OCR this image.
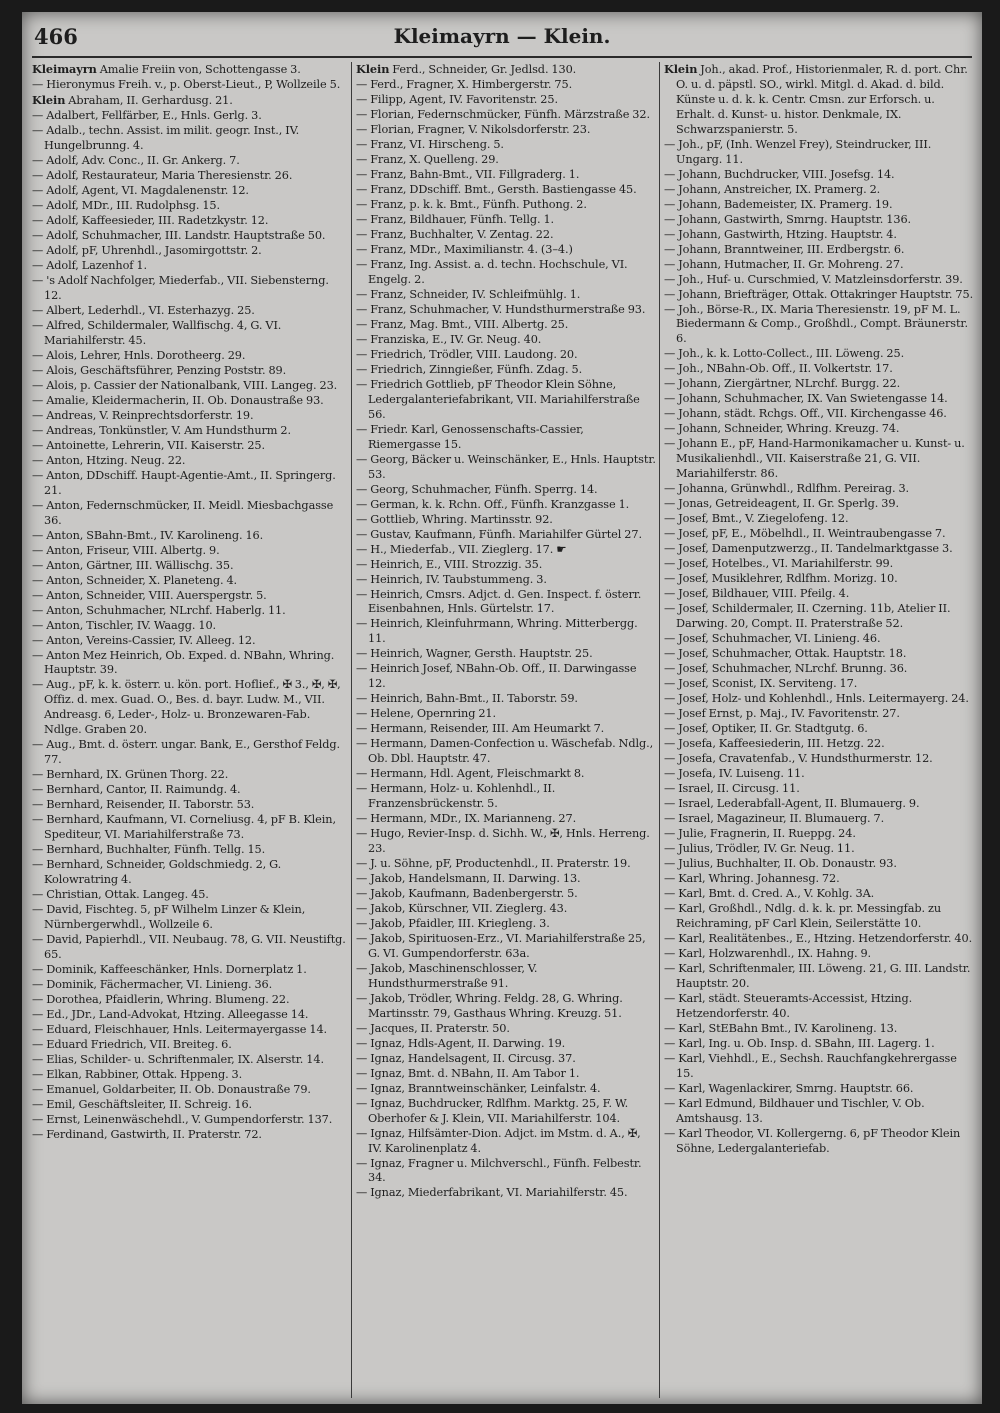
466	Kleimayrn — Klein.

Kleimayrn Amalie Freiin von, Schottengasse 3.

— Hieronymus Freih. v., p. Oberst-Lieut., P, Wollzeile 5.

Klein Abraham, II. Gerhardusg. 21.

— Adalbert, Fellfärber, E., Hnls. Gerlg. 3.

— Adalb., techn. Assist. im milit. geogr. Inst., IV. Hungelbrunng. 4.

— Adolf, Adv. Conc., II. Gr. Ankerg. 7.

— Adolf, Restaurateur, Maria Theresienstr. 26.

— Adolf, Agent, VI. Magdalenenstr. 12.

— Adolf, MDr., III. Rudolphsg. 15.

— Adolf, Kaffeesieder, III. Radetzkystr. 12.

— Adolf, Schuhmacher, III. Landstr. Hauptstraße 50.

— Adolf, pF, Uhrenhdl., Jasomirgottstr. 2.

— Adolf, Lazenhof 1.

— 's Adolf Nachfolger, Miederfab., VII. Siebensterng. 12.

— Albert, Lederhdl., VI. Esterhazyg. 25.

— Alfred, Schildermaler, Wallfischg. 4, G. VI. Mariahilferstr. 45.

— Alois, Lehrer, Hnls. Dorotheerg. 29.

— Alois, Geschäftsführer, Penzing Poststr. 89.

— Alois, p. Cassier der Nationalbank, VIII. Langeg. 23.

— Amalie, Kleidermacherin, II. Ob. Donaustraße 93.

— Andreas, V. Reinprechtsdorferstr. 19.

— Andreas, Tonkünstler, V. Am Hundsthurm 2.

— Antoinette, Lehrerin, VII. Kaiserstr. 25.

— Anton, Htzing. Neug. 22.

— Anton, DDschiff. Haupt-Agentie-Amt., II. Springerg. 21.

— Anton, Federnschmücker, II. Meidl. Miesbachgasse 36.

— Anton, SBahn-Bmt., IV. Karolineng. 16.

— Anton, Friseur, VIII. Albertg. 9.

— Anton, Gärtner, III. Wällischg. 35.

— Anton, Schneider, X. Planeteng. 4.

— Anton, Schneider, VIII. Auerspergstr. 5.

— Anton, Schuhmacher, NLrchf. Haberlg. 11.

— Anton, Tischler, IV. Waagg. 10.

— Anton, Vereins-Cassier, IV. Alleeg. 12.

— Anton Mez Heinrich, Ob. Exped. d. NBahn, Whring. Hauptstr. 39.

— Aug., pF, k. k. österr. u. kön. port. Hoflief., ✠ 3., ✠, ✠, Offiz. d. mex. Guad. O., Bes. d. bayr. Ludw. M., VII. Andreasg. 6, Leder-, Holz- u. Bronzewaren-Fab. Ndlge. Graben 20.

— Aug., Bmt. d. österr. ungar. Bank, E., Gersthof Feldg. 77.

— Bernhard, IX. Grünen Thorg. 22.

— Bernhard, Cantor, II. Raimundg. 4.

— Bernhard, Reisender, II. Taborstr. 53.

— Bernhard, Kaufmann, VI. Corneliusg. 4, pF B. Klein, Spediteur, VI. Mariahilferstraße 73.

— Bernhard, Buchhalter, Fünfh. Tellg. 15.

— Bernhard, Schneider, Goldschmiedg. 2, G. Kolowratring 4.

— Christian, Ottak. Langeg. 45.

— David, Fischteg. 5, pF Wilhelm Linzer & Klein, Nürnbergerwhdl., Wollzeile 6.

— David, Papierhdl., VII. Neubaug. 78, G. VII. Neustiftg. 65.

— Dominik, Kaffeeschänker, Hnls. Dornerplatz 1.

— Dominik, Fächermacher, VI. Linieng. 36.

— Dorothea, Pfaidlerin, Whring. Blumeng. 22.

— Ed., JDr., Land-Advokat, Htzing. Alleegasse 14.

— Eduard, Fleischhauer, Hnls. Leitermayergasse 14.

— Eduard Friedrich, VII. Breiteg. 6.

— Elias, Schilder- u. Schriftenmaler, IX. Alserstr. 14.

— Elkan, Rabbiner, Ottak. Hppeng. 3.

— Emanuel, Goldarbeiter, II. Ob. Donaustraße 79.

— Emil, Geschäftsleiter, II. Schreig. 16.

— Ernst, Leinenwäschehdl., V. Gumpendorferstr. 137.

— Ferdinand, Gastwirth, II. Praterstr. 72.

Klein Ferd., Schneider, Gr. Jedlsd. 130.

— Ferd., Fragner, X. Himbergerstr. 75.

— Filipp, Agent, IV. Favoritenstr. 25.

— Florian, Federnschmücker, Fünfh. Märzstraße 32.

— Florian, Fragner, V. Nikolsdorferstr. 23.

— Franz, VI. Hirscheng. 5.

— Franz, X. Quelleng. 29.

— Franz, Bahn-Bmt., VII. Fillgraderg. 1.

— Franz, DDschiff. Bmt., Gersth. Bastiengasse 45.

— Franz, p. k. k. Bmt., Fünfh. Puthong. 2.

— Franz, Bildhauer, Fünfh. Tellg. 1.

— Franz, Buchhalter, V. Zentag. 22.

— Franz, MDr., Maximilianstr. 4. (3–4.)

— Franz, Ing. Assist. a. d. techn. Hochschule, VI. Engelg. 2.

— Franz, Schneider, IV. Schleifmühlg. 1.

— Franz, Schuhmacher, V. Hundsthurmerstraße 93.

— Franz, Mag. Bmt., VIII. Albertg. 25.

— Franziska, E., IV. Gr. Neug. 40.

— Friedrich, Trödler, VIII. Laudong. 20.

— Friedrich, Zinngießer, Fünfh. Zdag. 5.

— Friedrich Gottlieb, pF Theodor Klein Söhne, Ledergalanteriefabrikant, VII. Mariahilferstraße 56.

— Friedr. Karl, Genossenschafts-Cassier, Riemergasse 15.

— Georg, Bäcker u. Weinschänker, E., Hnls. Hauptstr. 53.

— Georg, Schuhmacher, Fünfh. Sperrg. 14.

— German, k. k. Rchn. Off., Fünfh. Kranzgasse 1.

— Gottlieb, Whring. Martinsstr. 92.

— Gustav, Kaufmann, Fünfh. Mariahilfer Gürtel 27.

— H., Miederfab., VII. Zieglerg. 17. ☛

— Heinrich, E., VIII. Strozzig. 35.

— Heinrich, IV. Taubstummeng. 3.

— Heinrich, Cmsrs. Adjct. d. Gen. Inspect. f. österr. Eisenbahnen, Hnls. Gürtelstr. 17.

— Heinrich, Kleinfuhrmann, Whring. Mitterbergg. 11.

— Heinrich, Wagner, Gersth. Hauptstr. 25.

— Heinrich Josef, NBahn-Ob. Off., II. Darwingasse 12.

— Heinrich, Bahn-Bmt., II. Taborstr. 59.

— Helene, Opernring 21.

— Hermann, Reisender, III. Am Heumarkt 7.

— Hermann, Damen-Confection u. Wäschefab. Ndlg., Ob. Dbl. Hauptstr. 47.

— Hermann, Hdl. Agent, Fleischmarkt 8.

— Hermann, Holz- u. Kohlenhdl., II. Franzensbrückenstr. 5.

— Hermann, MDr., IX. Marianneng. 27.

— Hugo, Revier-Insp. d. Sichh. W., ✠, Hnls. Herreng. 23.

— J. u. Söhne, pF, Productenhdl., II. Praterstr. 19.

— Jakob, Handelsmann, II. Darwing. 13.

— Jakob, Kaufmann, Badenbergerstr. 5.

— Jakob, Kürschner, VII. Zieglerg. 43.

— Jakob, Pfaidler, III. Kriegleng. 3.

— Jakob, Spirituosen-Erz., VI. Mariahilferstraße 25, G. VI. Gumpendorferstr. 63a.

— Jakob, Maschinenschlosser, V. Hundsthurmerstraße 91.

— Jakob, Trödler, Whring. Feldg. 28, G. Whring. Martinsstr. 79, Gasthaus Whring. Kreuzg. 51.

— Jacques, II. Praterstr. 50.

— Ignaz, Hdls-Agent, II. Darwing. 19.

— Ignaz, Handelsagent, II. Circusg. 37.

— Ignaz, Bmt. d. NBahn, II. Am Tabor 1.

— Ignaz, Branntweinschänker, Leinfalstr. 4.

— Ignaz, Buchdrucker, Rdlfhm. Marktg. 25, F. W. Oberhofer & J. Klein, VII. Mariahilferstr. 104.

— Ignaz, Hilfsämter-Dion. Adjct. im Mstm. d. A., ✠, IV. Karolinenplatz 4.

— Ignaz, Fragner u. Milchverschl., Fünfh. Felbestr. 34.

— Ignaz, Miederfabrikant, VI. Mariahilferstr. 45.

Klein Joh., akad. Prof., Historienmaler, R. d. port. Chr. O. u. d. päpstl. SO., wirkl. Mitgl. d. Akad. d. bild. Künste u. d. k. k. Centr. Cmsn. zur Erforsch. u. Erhalt. d. Kunst- u. histor. Denkmale, IX. Schwarzspanierstr. 5.

— Joh., pF, (Inh. Wenzel Frey), Steindrucker, III. Ungarg. 11.

— Johann, Buchdrucker, VIII. Josefsg. 14.

— Johann, Anstreicher, IX. Pramerg. 2.

— Johann, Bademeister, IX. Pramerg. 19.

— Johann, Gastwirth, Smrng. Hauptstr. 136.

— Johann, Gastwirth, Htzing. Hauptstr. 4.

— Johann, Branntweiner, III. Erdbergstr. 6.

— Johann, Hutmacher, II. Gr. Mohreng. 27.

— Joh., Huf- u. Curschmied, V. Matzleinsdorferstr. 39.

— Johann, Briefträger, Ottak. Ottakringer Hauptstr. 75.

— Joh., Börse-R., IX. Maria Theresienstr. 19, pF M. L. Biedermann & Comp., Großhdl., Compt. Bräunerstr. 6.

— Joh., k. k. Lotto-Collect., III. Löweng. 25.

— Joh., NBahn-Ob. Off., II. Volkertstr. 17.

— Johann, Ziergärtner, NLrchf. Burgg. 22.

— Johann, Schuhmacher, IX. Van Swietengasse 14.

— Johann, städt. Rchgs. Off., VII. Kirchengasse 46.

— Johann, Schneider, Whring. Kreuzg. 74.

— Johann E., pF, Hand-Harmonikamacher u. Kunst- u. Musikalienhdl., VII. Kaiserstraße 21, G. VII. Mariahilferstr. 86.

— Johanna, Grünwhdl., Rdlfhm. Pereirag. 3.

— Jonas, Getreideagent, II. Gr. Sperlg. 39.

— Josef, Bmt., V. Ziegelofeng. 12.

— Josef, pF, E., Möbelhdl., II. Weintraubengasse 7.

— Josef, Damenputzwerzg., II. Tandelmarktgasse 3.

— Josef, Hotelbes., VI. Mariahilferstr. 99.

— Josef, Musiklehrer, Rdlfhm. Morizg. 10.

— Josef, Bildhauer, VIII. Pfeilg. 4.

— Josef, Schildermaler, II. Czerning. 11b, Atelier II. Darwing. 20, Compt. II. Praterstraße 52.

— Josef, Schuhmacher, VI. Linieng. 46.

— Josef, Schuhmacher, Ottak. Hauptstr. 18.

— Josef, Schuhmacher, NLrchf. Brunng. 36.

— Josef, Sconist, IX. Serviteng. 17.

— Josef, Holz- und Kohlenhdl., Hnls. Leitermayerg. 24.

— Josef Ernst, p. Maj., IV. Favoritenstr. 27.

— Josef, Optiker, II. Gr. Stadtgutg. 6.

— Josefa, Kaffeesiederin, III. Hetzg. 22.

— Josefa, Cravatenfab., V. Hundsthurmerstr. 12.

— Josefa, IV. Luiseng. 11.

— Israel, II. Circusg. 11.

— Israel, Lederabfall-Agent, II. Blumauerg. 9.

— Israel, Magazineur, II. Blumauerg. 7.

— Julie, Fragnerin, II. Rueppg. 24.

— Julius, Trödler, IV. Gr. Neug. 11.

— Julius, Buchhalter, II. Ob. Donaustr. 93.

— Karl, Whring. Johannesg. 72.

— Karl, Bmt. d. Cred. A., V. Kohlg. 3A.

— Karl, Großhdl., Ndlg. d. k. k. pr. Messingfab. zu Reichraming, pF Carl Klein, Seilerstätte 10.

— Karl, Realitätenbes., E., Htzing. Hetzendorferstr. 40.

— Karl, Holzwarenhdl., IX. Hahng. 9.

— Karl, Schriftenmaler, III. Löweng. 21, G. III. Landstr. Hauptstr. 20.

— Karl, städt. Steueramts-Accessist, Htzing. Hetzendorferstr. 40.

— Karl, StEBahn Bmt., IV. Karolineng. 13.

— Karl, Ing. u. Ob. Insp. d. SBahn, III. Lagerg. 1.

— Karl, Viehhdl., E., Sechsh. Rauchfangkehrergasse 15.

— Karl, Wagenlackirer, Smrng. Hauptstr. 66.

— Karl Edmund, Bildhauer und Tischler, V. Ob. Amtshausg. 13.

— Karl Theodor, VI. Kollergerng. 6, pF Theodor Klein Söhne, Ledergalanteriefab.
